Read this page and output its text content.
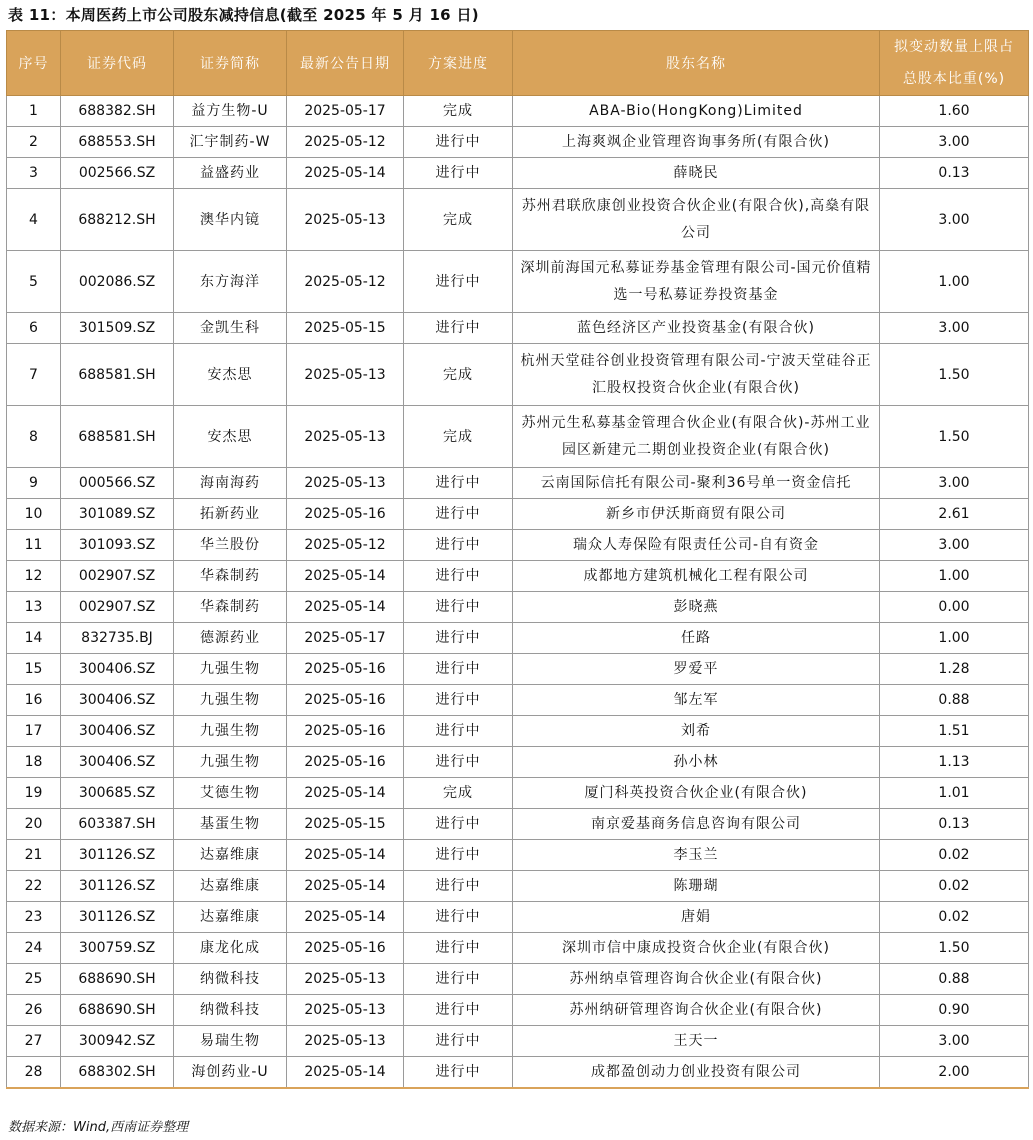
表 11：本周医药上市公司股东减持信息(截至 2025 年 5 月 16 日)
序号	证券代码	证券简称	最新公告日期	方案进度	股东名称	拟变动数量上限占
总股本比重(%)

1	688382.SH	益方生物-U	2025-05-17	完成	ABA-Bio(HongKong)Limited	1.60
2	688553.SH	汇宇制药-W	2025-05-12	进行中	上海爽飒企业管理咨询事务所(有限合伙)	3.00
3	002566.SZ	益盛药业	2025-05-14	进行中	薛晓民	0.13
4	688212.SH	澳华内镜	2025-05-13	完成	苏州君联欣康创业投资合伙企业(有限合伙),高燊有限公司	3.00
5	002086.SZ	东方海洋	2025-05-12	进行中	深圳前海国元私募证券基金管理有限公司-国元价值精选一号私募证券投资基金	1.00
6	301509.SZ	金凯生科	2025-05-15	进行中	蓝色经济区产业投资基金(有限合伙)	3.00
7	688581.SH	安杰思	2025-05-13	完成	杭州天堂硅谷创业投资管理有限公司-宁波天堂硅谷正汇股权投资合伙企业(有限合伙)	1.50
8	688581.SH	安杰思	2025-05-13	完成	苏州元生私募基金管理合伙企业(有限合伙)-苏州工业园区新建元二期创业投资企业(有限合伙)	1.50
9	000566.SZ	海南海药	2025-05-13	进行中	云南国际信托有限公司-聚利36号单一资金信托	3.00
10	301089.SZ	拓新药业	2025-05-16	进行中	新乡市伊沃斯商贸有限公司	2.61
11	301093.SZ	华兰股份	2025-05-12	进行中	瑞众人寿保险有限责任公司-自有资金	3.00
12	002907.SZ	华森制药	2025-05-14	进行中	成都地方建筑机械化工程有限公司	1.00
13	002907.SZ	华森制药	2025-05-14	进行中	彭晓燕	0.00
14	832735.BJ	德源药业	2025-05-17	进行中	任路	1.00
15	300406.SZ	九强生物	2025-05-16	进行中	罗爱平	1.28
16	300406.SZ	九强生物	2025-05-16	进行中	邹左军	0.88
17	300406.SZ	九强生物	2025-05-16	进行中	刘希	1.51
18	300406.SZ	九强生物	2025-05-16	进行中	孙小林	1.13
19	300685.SZ	艾德生物	2025-05-14	完成	厦门科英投资合伙企业(有限合伙)	1.01
20	603387.SH	基蛋生物	2025-05-15	进行中	南京爱基商务信息咨询有限公司	0.13
21	301126.SZ	达嘉维康	2025-05-14	进行中	李玉兰	0.02
22	301126.SZ	达嘉维康	2025-05-14	进行中	陈珊瑚	0.02
23	301126.SZ	达嘉维康	2025-05-14	进行中	唐娟	0.02
24	300759.SZ	康龙化成	2025-05-16	进行中	深圳市信中康成投资合伙企业(有限合伙)	1.50
25	688690.SH	纳微科技	2025-05-13	进行中	苏州纳卓管理咨询合伙企业(有限合伙)	0.88
26	688690.SH	纳微科技	2025-05-13	进行中	苏州纳研管理咨询合伙企业(有限合伙)	0.90
27	300942.SZ	易瑞生物	2025-05-13	进行中	王天一	3.00
28	688302.SH	海创药业-U	2025-05-14	进行中	成都盈创动力创业投资有限公司	2.00
数据来源：Wind,西南证券整理
